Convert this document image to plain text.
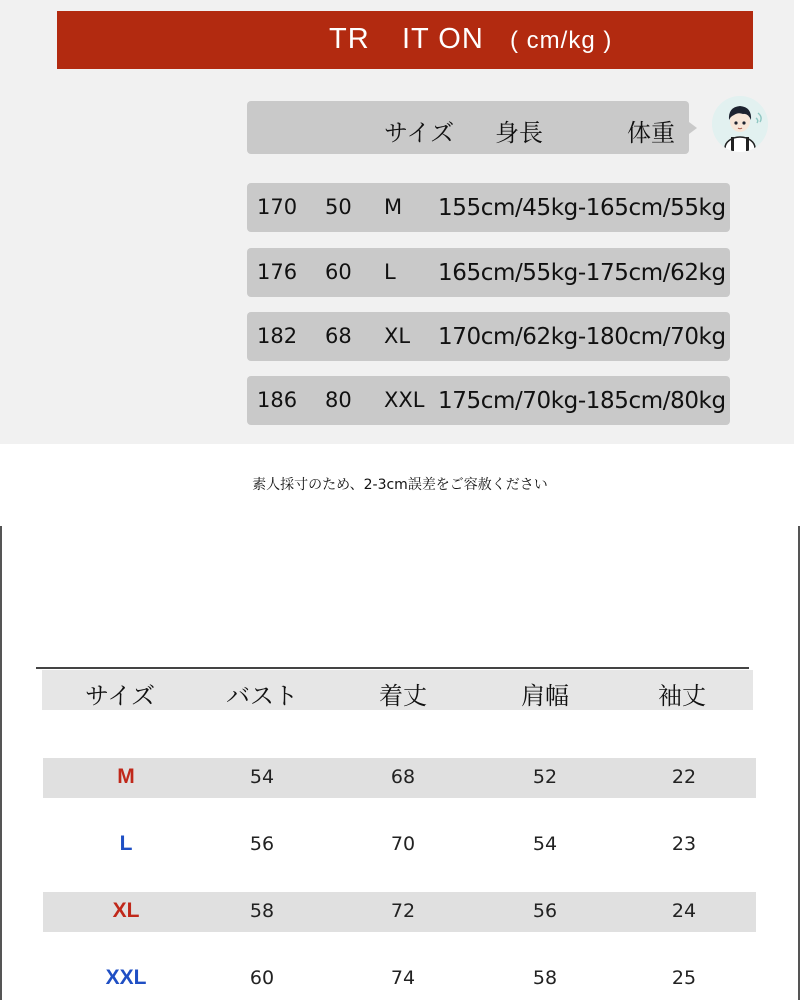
TR IT ON ( cm/kg )
サイズ 身長	体重
170 50 M 155cm/45kg-165cm/55kg
176 60 L 165cm/55kg-175cm/62kg
182 68 XL 170cm/62kg-180cm/70kg
186 80 XXL 175cm/70kg-185cm/80kg
素人採寸のため、2-3cm誤差をご容赦ください
サイズ	バスト	着丈	肩幅	袖丈
M	54	68	52	22
L	56	70	54	23
XL	58	72	56	24
XXL	60	74	58	25
